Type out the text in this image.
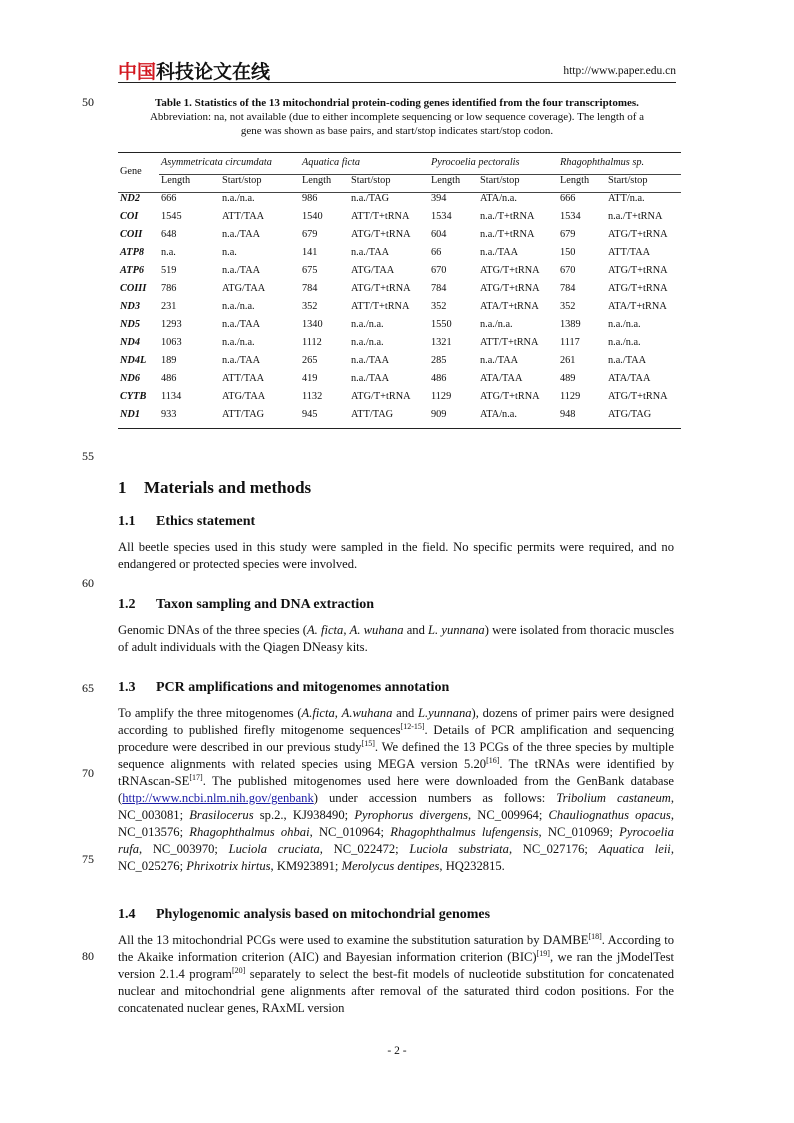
中国科技论文在线	http://www.paper.edu.cn
50
55
60
65
70
75
80
Table 1. Statistics of the 13 mitochondrial protein-coding genes identified from the four transcriptomes.
Abbreviation: na, not available (due to either incomplete sequencing or low sequence coverage). The length of a
gene was shown as base pairs, and start/stop indicates start/stop codon.
Gene	Asymmetricata circumdata		Aquatica ficta		Pyrocoelia pectoralis		Rhagophthalmus sp.	
	Length	Start/stop	Length	Start/stop	Length	Start/stop	Length	Start/stop
ND2	666	n.a./n.a.	986	n.a./TAG	394	ATA/n.a.	666	ATT/n.a.
COI	1545	ATT/TAA	1540	ATT/T+tRNA	1534	n.a./T+tRNA	1534	n.a./T+tRNA
COII	648	n.a./TAA	679	ATG/T+tRNA	604	n.a./T+tRNA	679	ATG/T+tRNA
ATP8	n.a.	n.a.	141	n.a./TAA	66	n.a./TAA	150	ATT/TAA
ATP6	519	n.a./TAA	675	ATG/TAA	670	ATG/T+tRNA	670	ATG/T+tRNA
COIII	786	ATG/TAA	784	ATG/T+tRNA	784	ATG/T+tRNA	784	ATG/T+tRNA
ND3	231	n.a./n.a.	352	ATT/T+tRNA	352	ATA/T+tRNA	352	ATA/T+tRNA
ND5	1293	n.a./TAA	1340	n.a./n.a.	1550	n.a./n.a.	1389	n.a./n.a.
ND4	1063	n.a./n.a.	1112	n.a./n.a.	1321	ATT/T+tRNA	1117	n.a./n.a.
ND4L	189	n.a./TAA	265	n.a./TAA	285	n.a./TAA	261	n.a./TAA
ND6	486	ATT/TAA	419	n.a./TAA	486	ATA/TAA	489	ATA/TAA
CYTB	1134	ATG/TAA	1132	ATG/T+tRNA	1129	ATG/T+tRNA	1129	ATG/T+tRNA
ND1	933	ATT/TAG	945	ATT/TAG	909	ATA/n.a.	948	ATG/TAG
1 Materials and methods
1.1 Ethics statement
All beetle species used in this study were sampled in the field. No specific permits were required, and no endangered or protected species were involved.
1.2 Taxon sampling and DNA extraction
Genomic DNAs of the three species (A. ficta, A. wuhana and L. yunnana) were isolated from thoracic muscles of adult individuals with the Qiagen DNeasy kits.
1.3 PCR amplifications and mitogenomes annotation
To amplify the three mitogenomes (A.ficta, A.wuhana and L.yunnana), dozens of primer pairs were designed according to published firefly mitogenome sequences[12-15]. Details of PCR amplification and sequencing procedure were described in our previous study[15]. We defined the 13 PCGs of the three species by multiple sequence alignments with related species using MEGA version 5.20[16]. The tRNAs were identified by tRNAscan-SE[17]. The published mitogenomes used here were downloaded from the GenBank database (http://www.ncbi.nlm.nih.gov/genbank) under accession numbers as follows: Tribolium castaneum, NC_003081; Brasilocerus sp.2., KJ938490; Pyrophorus divergens, NC_009964; Chauliognathus opacus, NC_013576; Rhagophthalmus ohbai, NC_010964; Rhagophthalmus lufengensis, NC_010969; Pyrocoelia rufa, NC_003970; Luciola cruciata, NC_022472; Luciola substriata, NC_027176; Aquatica leii, NC_025276; Phrixotrix hirtus, KM923891; Merolycus dentipes, HQ232815.
1.4 Phylogenomic analysis based on mitochondrial genomes
All the 13 mitochondrial PCGs were used to examine the substitution saturation by DAMBE[18]. According to the Akaike information criterion (AIC) and Bayesian information criterion (BIC)[19], we ran the jModelTest version 2.1.4 program[20] separately to select the best-fit models of nucleotide substitution for concatenated nuclear and mitochondrial gene alignments after removal of the saturated third codon positions. For the concatenated nuclear genes, RAxML version
- 2 -
